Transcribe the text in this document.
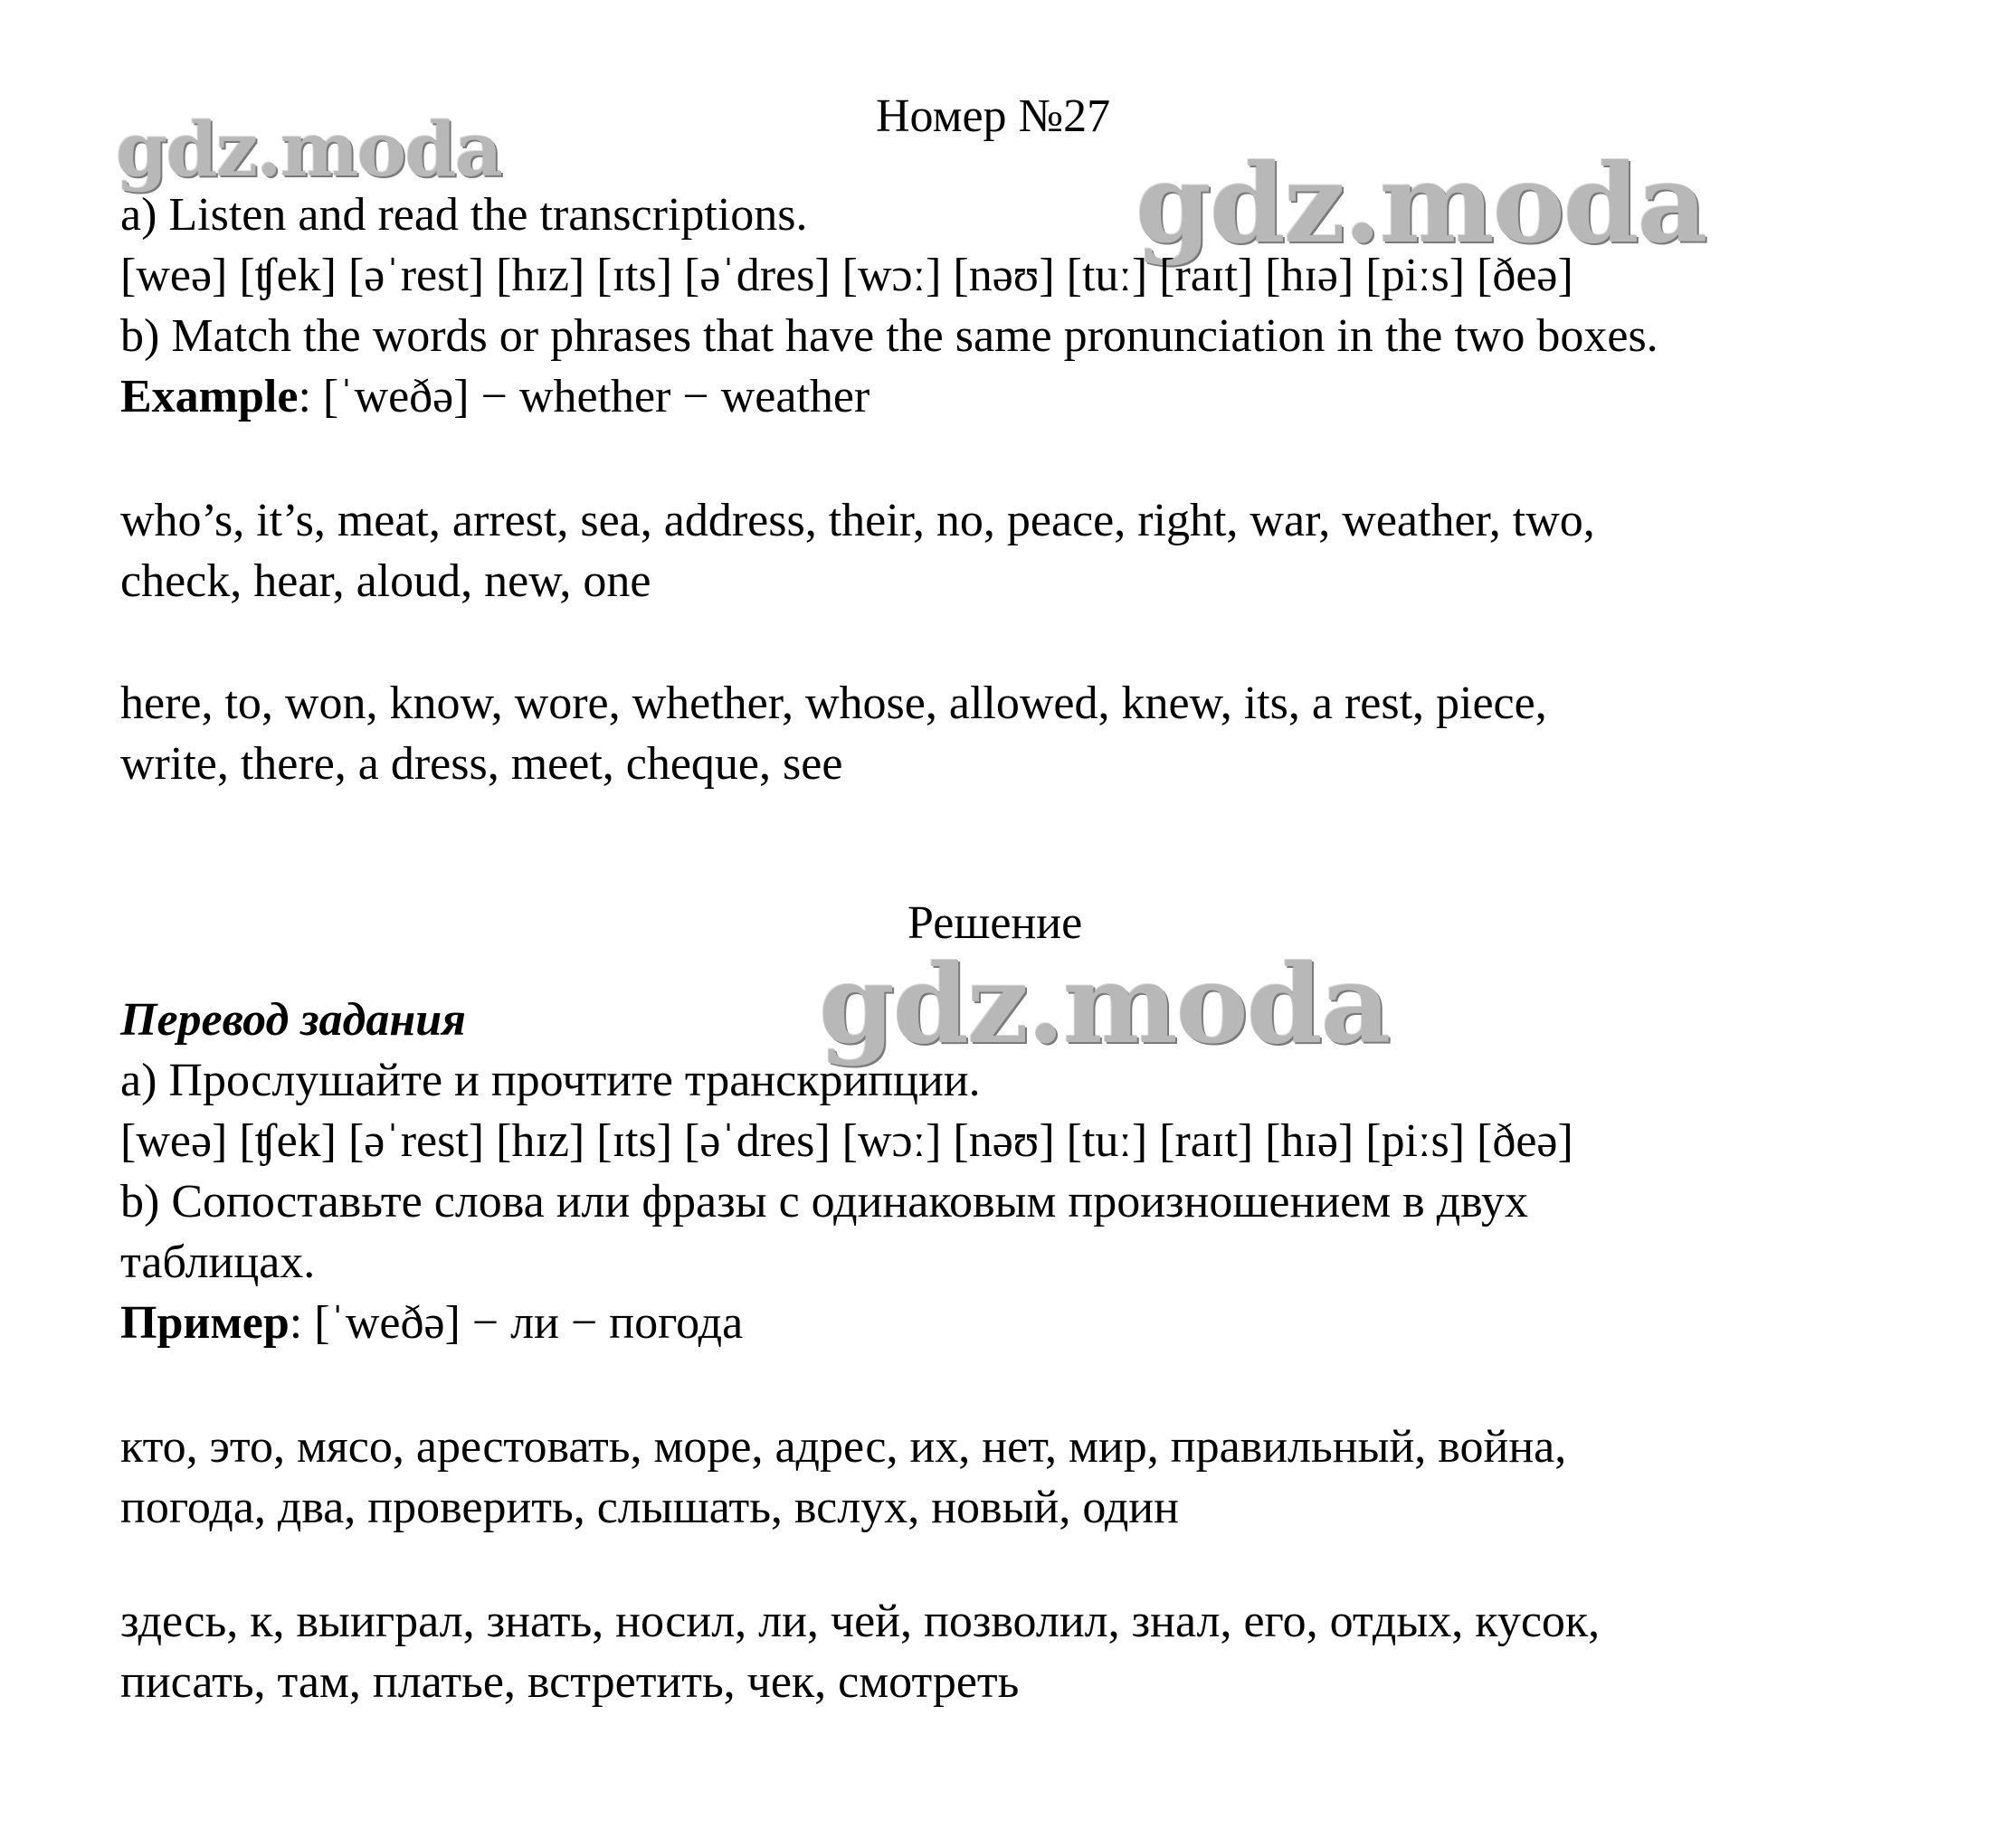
gdz.moda	gdz.moda
gdz.moda
Номер №27
a) Listen and read the transcriptions.
[weə] [ʧek] [əˈrest] [hɪz] [ɪts] [əˈdres] [wɔː] [nəʊ] [tuː] [raɪt] [hɪə] [piːs] [ðeə]
b) Match the words or phrases that have the same pronunciation in the two boxes.
Example: [ˈweðə] − whether − weather
who’s, it’s, meat, arrest, sea, address, their, no, peace, right, war, weather, two,
check, hear, aloud, new, one
here, to, won, know, wore, whether, whose, allowed, knew, its, a rest, piece,
write, there, a dress, meet, cheque, see
Решение
Перевод задания
a) Прослушайте и прочтите транскрипции.
[weə] [ʧek] [əˈrest] [hɪz] [ɪts] [əˈdres] [wɔː] [nəʊ] [tuː] [raɪt] [hɪə] [piːs] [ðeə]
b) Сопоставьте слова или фразы с одинаковым произношением в двух
таблицах.
Пример: [ˈweðə] − ли − погода
кто, это, мясо, арестовать, море, адрес, их, нет, мир, правильный, война,
погода, два, проверить, слышать, вслух, новый, один
здесь, к, выиграл, знать, носил, ли, чей, позволил, знал, его, отдых, кусок,
писать, там, платье, встретить, чек, смотреть
